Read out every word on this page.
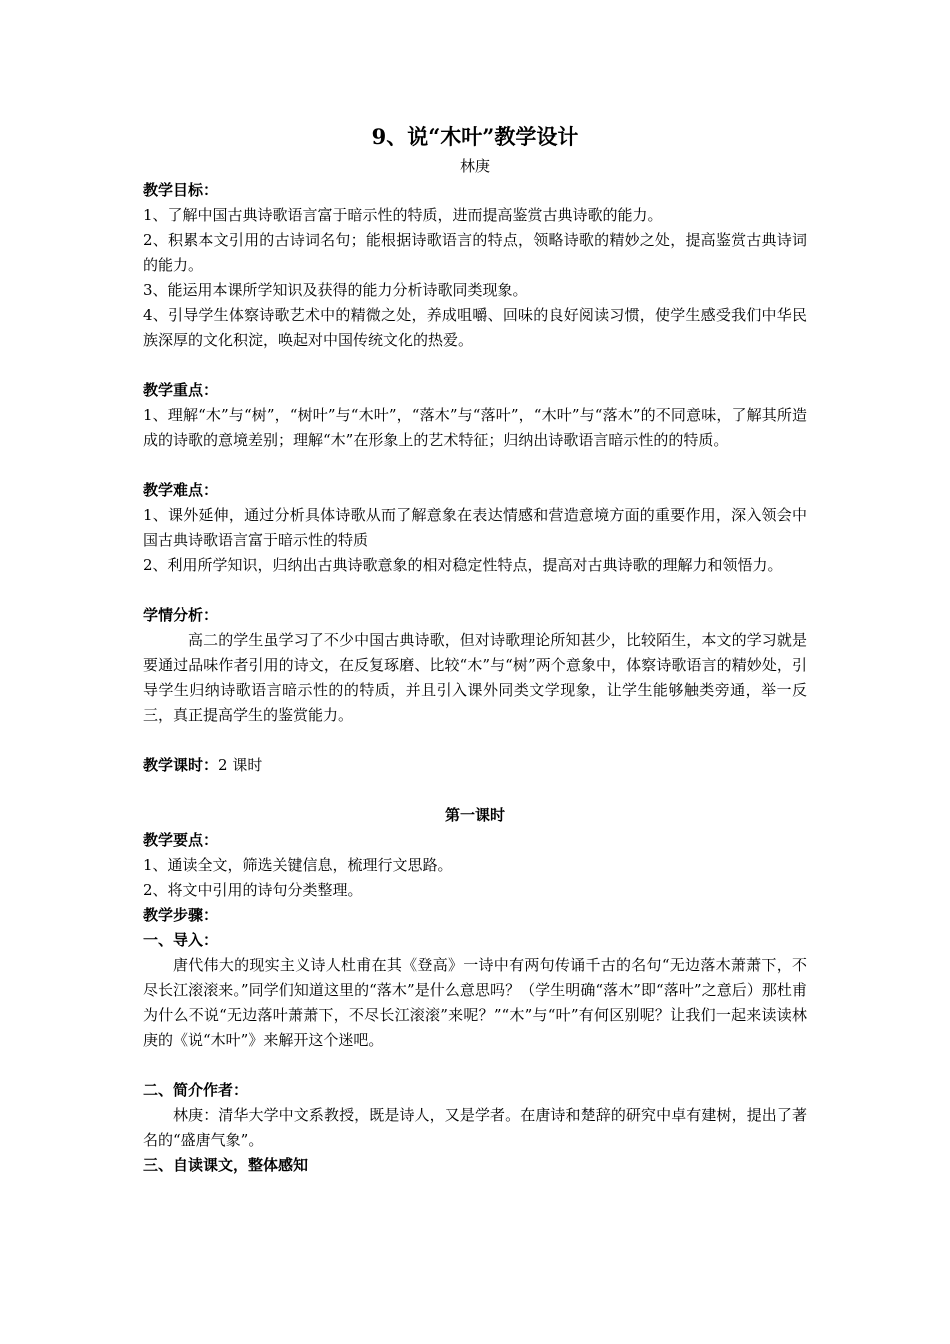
9、说“木叶”教学设计
林庚
教学目标：
1、了解中国古典诗歌语言富于暗示性的特质，进而提高鉴赏古典诗歌的能力。
2、积累本文引用的古诗词名句；能根据诗歌语言的特点，领略诗歌的精妙之处，提高鉴赏古典诗词的能力。
3、能运用本课所学知识及获得的能力分析诗歌同类现象。
4、引导学生体察诗歌艺术中的精微之处，养成咀嚼、回味的良好阅读习惯，使学生感受我们中华民族深厚的文化积淀，唤起对中国传统文化的热爱。
教学重点：
1、理解“木”与“树”，“树叶”与“木叶”，“落木”与“落叶”，“木叶”与“落木”的不同意味，了解其所造成的诗歌的意境差别；理解“木”在形象上的艺术特征；归纳出诗歌语言暗示性的的特质。
教学难点：
1、课外延伸，通过分析具体诗歌从而了解意象在表达情感和营造意境方面的重要作用，深入领会中国古典诗歌语言富于暗示性的特质
2、利用所学知识，归纳出古典诗歌意象的相对稳定性特点，提高对古典诗歌的理解力和领悟力。
学情分析：
高二的学生虽学习了不少中国古典诗歌，但对诗歌理论所知甚少，比较陌生，本文的学习就是要通过品味作者引用的诗文，在反复琢磨、比较“木”与“树”两个意象中，体察诗歌语言的精妙处，引导学生归纳诗歌语言暗示性的的特质，并且引入课外同类文学现象，让学生能够触类旁通，举一反三，真正提高学生的鉴赏能力。
教学课时：2 课时
第一课时
教学要点：
1、通读全文，筛选关键信息，梳理行文思路。
2、将文中引用的诗句分类整理。
教学步骤：
一、导入：
唐代伟大的现实主义诗人杜甫在其《登高》一诗中有两句传诵千古的名句“无边落木萧萧下，不尽长江滚滚来。”同学们知道这里的“落木”是什么意思吗？（学生明确“落木”即“落叶”之意后）那杜甫为什么不说“无边落叶萧萧下，不尽长江滚滚”来呢？”“木”与“叶”有何区别呢？让我们一起来读读林庚的《说“木叶”》来解开这个迷吧。
二、简介作者：
林庚：清华大学中文系教授，既是诗人，又是学者。在唐诗和楚辞的研究中卓有建树，提出了著名的“盛唐气象”。
三、自读课文，整体感知
